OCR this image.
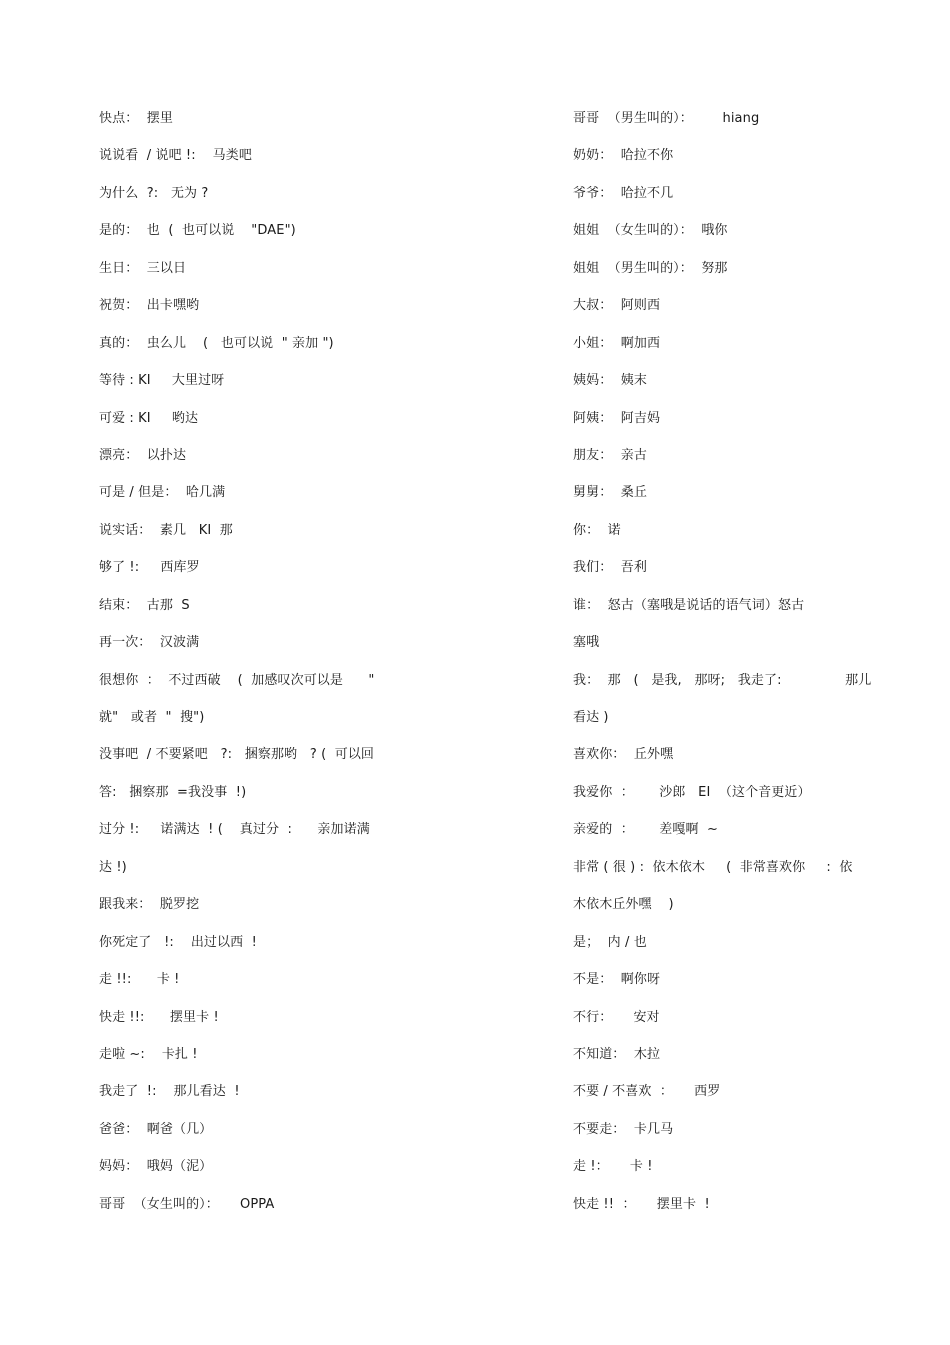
快点：  摆里
说说看  / 说吧 !:    马类吧
为什么  ?:   无为 ?
是的：  也  (  也可以说    "DAE")
生日：  三以日
祝贺：  出卡嘿哟
真的：  虫么儿    (   也可以说  " 亲加 ")
等待 : KI     大里过呀
可爱 : KI     哟达
漂亮：  以扑达
可是 / 但是：  哈几满
说实话：  素几   KI  那
够了 !:     西库罗
结束：  古那  S
再一次：  汉波满
很想你  ：  不过西破    (  加感叹次可以是      "
就"   或者  "  搜")
没事吧  / 不要紧吧   ?:   捆察那哟   ? (  可以回
答:   捆察那  =我没事  !)
过分 !:     诺满达  ! (    真过分  :      亲加诺满
达 !)
跟我来：  脱罗挖
你死定了   !:    出过以西  !
走 !!:      卡 !
快走 !!:      摆里卡 !
走啦 ~:    卡扎 !
我走了  !:    那儿看达  !
爸爸：  啊爸（几）
妈妈：  哦妈（泥）
哥哥  （女生叫的）：     OPPA
哥哥  （男生叫的）：       hiang
奶奶：  哈拉不你
爷爷：  哈拉不几
姐姐  （女生叫的）：  哦你
姐姐  （男生叫的）：  努那
大叔：  阿则西
小姐：  啊加西
姨妈：  姨末
阿姨：  阿吉妈
朋友：  亲古
舅舅：  桑丘
你：  诺
我们：  吾利
谁：  怒古（塞哦是说话的语气词）怒古
塞哦
我：  那   (   是我,   那呀;   我走了:               那儿
看达 )
喜欢你：  丘外嘿
我爱你  ：      沙郎   EI  （这个音更近）
亲爱的  ：      差嘎啊  ~
非常 ( 很 ) :  依木依木     (  非常喜欢你     :  依
木依木丘外嘿    )
是；  内 / 也
不是：  啊你呀
不行：     安对
不知道：  木拉
不要 / 不喜欢  ：     西罗
不要走：  卡几马
走 !：     卡 !
快走 !!  ：     摆里卡  !
